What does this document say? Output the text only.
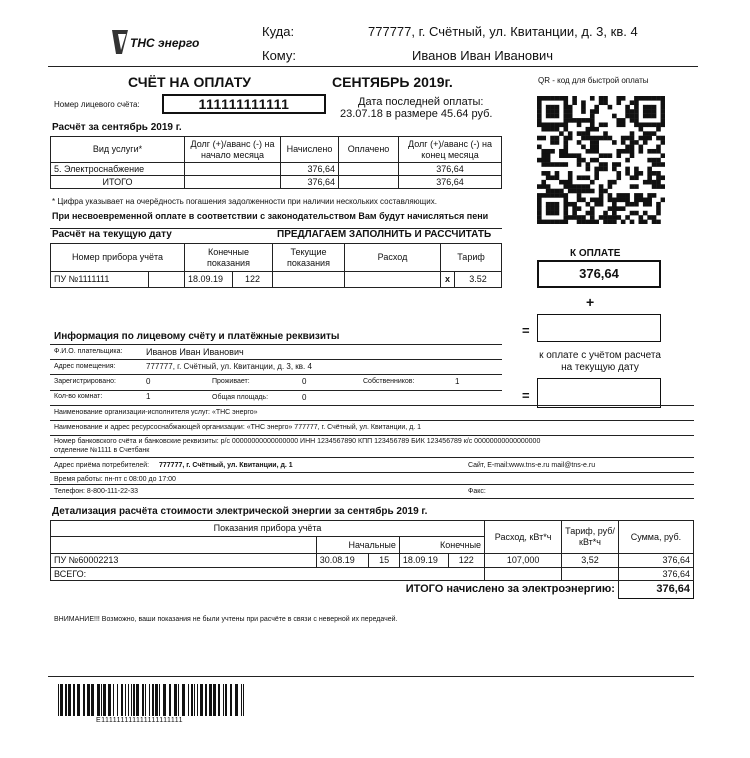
ТНС энерго
Куда:	777777, г. Счётный, ул. Квитанции, д. 3, кв. 4
Кому:	Иванов Иван Иванович
СЧЁТ НА ОПЛАТУ	СЕНТЯБРЬ 2019г.	QR - код для быстрой оплаты
Номер лицевого счёта:	111111111111	Дата последней оплаты:
23.07.18 в размере 45.64 руб.
Расчёт за сентябрь 2019 г.
Вид услуги*	Долг (+)/аванс (-) на начало месяца	Начислено	Оплачено	Долг (+)/аванс (-) на конец месяца
5. Электроснабжение		376,64		376,64
ИТОГО		376,64		376,64
* Цифра указывает на очерёдность погашения задолженности при наличии нескольких составляющих.
При несвоевременной оплате в соответствии с законодательством Вам будут начисляться пени
Расчёт на текущую дату	ПРЕДЛАГАЕМ ЗАПОЛНИТЬ И РАССЧИТАТЬ
Номер прибора учёта		Конечные показания		Текущие показания	Расход	Тариф	
ПУ №1111111		18.09.19	122			x	3.52
К ОПЛАТЕ
376,64
+
=
к оплате с учётом расчета на текущую дату
=
Информация по лицевому счёту и платёжные реквизиты
Ф.И.О. плательщика:	Иванов Иван Иванович
Адрес помещения:	777777, г. Счётный, ул. Квитанции, д. 3, кв. 4
Зарегистрировано:	0	Проживает:	0	Собственников:	1
Кол-во комнат:	1	Общая площадь:	0
Наименование организации-исполнителя услуг: «ТНС энерго»
Наименование и адрес ресурсоснабжающей организации: «ТНС энерго» 777777, г. Счётный, ул. Квитанции, д. 1
Номер банковского счёта и банковские реквизиты: р/с 00000000000000000 ИНН 1234567890 КПП 123456789 БИК 123456789 к/с 00000000000000000
отделение №1111 в Счетбанк
Адрес приёма потребителей: 777777, г. Счётный, ул. Квитанции, д. 1	Сайт, E-mail:www.tns-e.ru mail@tns-e.ru
Время работы: пн-пт с 08:00 до 17:00
Телефон: 8-800-111-22-33	Факс:
Детализация расчёта стоимости электрической энергии за сентябрь 2019 г.
Показания прибора учёта					Расход, кВт*ч	Тариф, руб/кВт*ч	Сумма, руб.
	Начальные		Конечные				
ПУ №60002213	30.08.19	15	18.09.19	122	107,000	3,52	376,64
ВСЕГО:							376,64
ИТОГО начислено за электроэнергию:							376,64
ВНИМАНИЕ!!! Возможно, ваши показания не были учтены при расчёте в связи с неверной их передачей.
Е111111111111111111111
